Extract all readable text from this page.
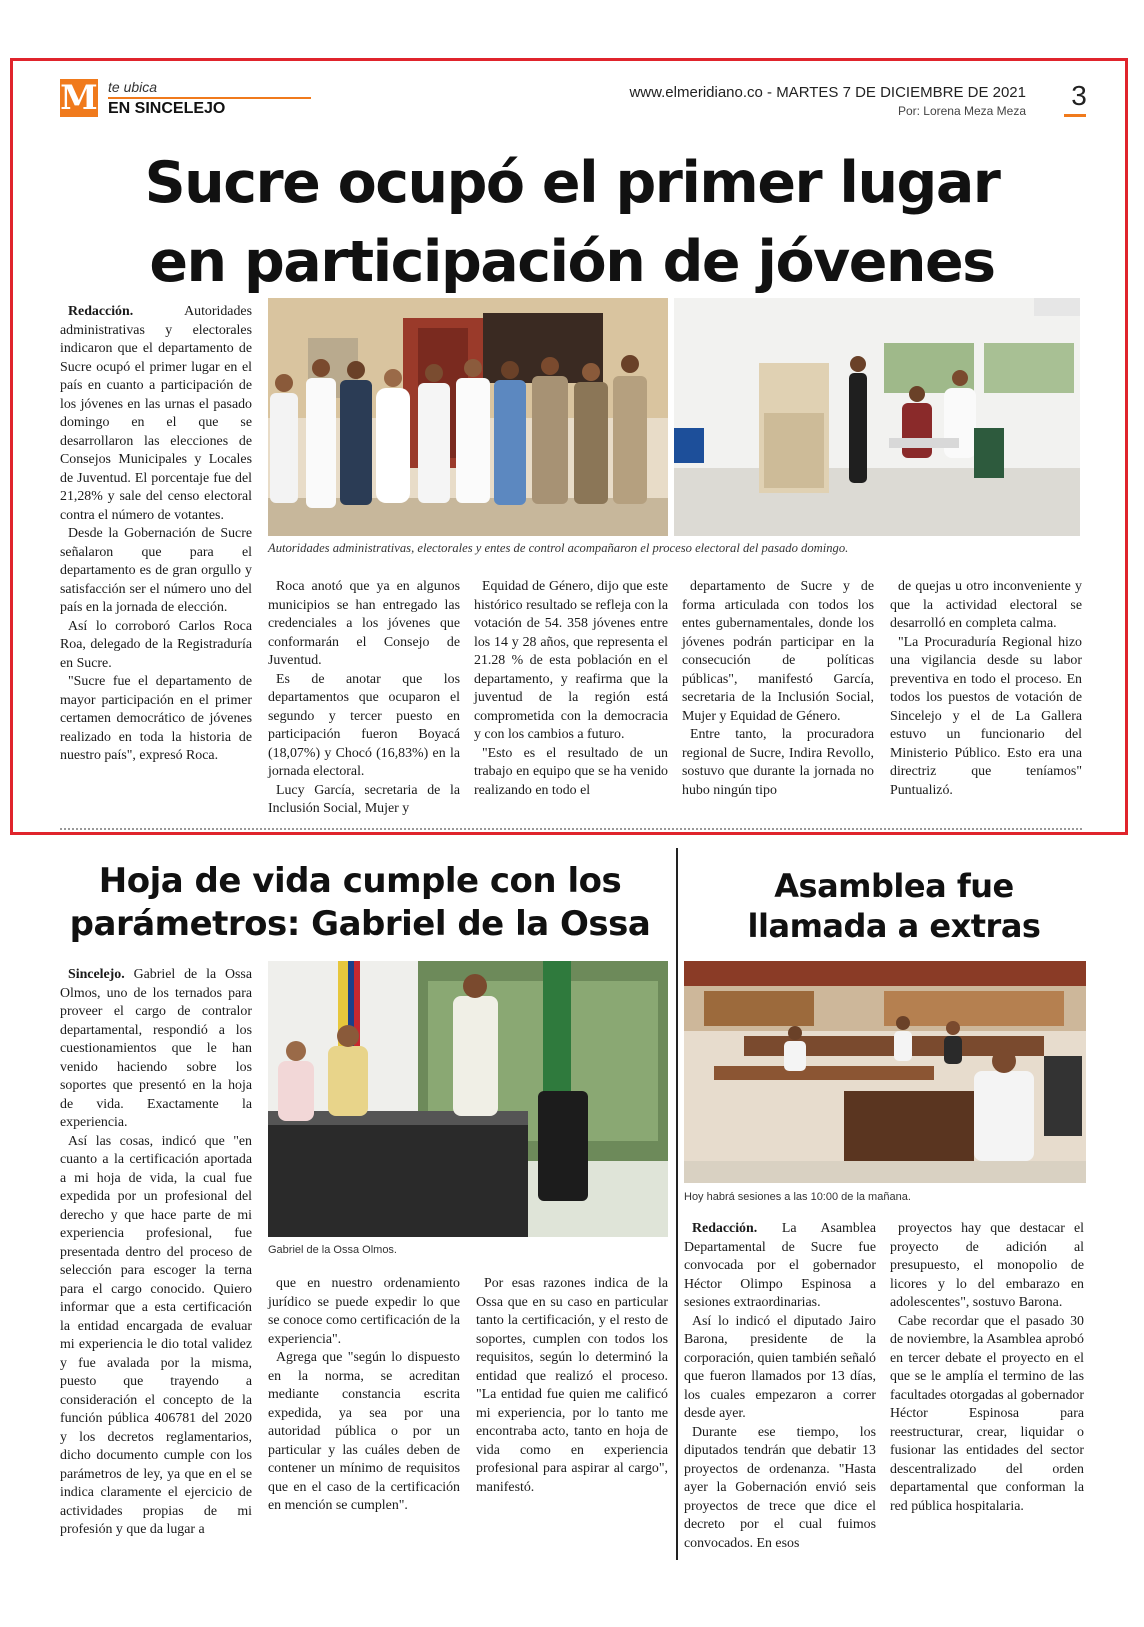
M te ubica
EN SINCELEJO
www.elmeridiano.co - MARTES 7 DE DICIEMBRE DE 2021
Por: Lorena Meza Meza 3
Sucre ocupó el primer lugar
en participación de jóvenes

Redacción.	Autoridades administrativas y electorales indicaron que el departamento de Sucre ocupó el primer lugar en el país en cuanto a participación de los jóvenes en las urnas el pasado domingo en el que se desarrollaron las elecciones de Consejos Municipales y Locales de Juventud. El porcentaje fue del 21,28% y sale del censo electoral contra el número de votantes.

Desde la Gobernación de Sucre señalaron que para el departamento es de gran orgullo y satisfacción ser el número uno del país en la jornada de elección.

Así lo corroboró Carlos Roca Roa, delegado de la Registraduría en Sucre.

"Sucre fue el departamento de mayor participación en el primer certamen democrático de jóvenes realizado en toda la historia de nuestro país", expresó Roca.

Autoridades administrativas, electorales y entes de control acompañaron el proceso electoral del pasado domingo.

Roca anotó que ya en algunos municipios se han entregado las credenciales a los jóvenes que conformarán el Consejo de Juventud.

Es de anotar que los departamentos que ocuparon el segundo y tercer puesto en participación fueron Boyacá (18,07%) y Chocó (16,83%) en la jornada electoral.

Lucy García, secretaria de la Inclusión Social, Mujer y

Equidad de Género, dijo que este histórico resultado se refleja con la votación de 54. 358 jóvenes entre los 14 y 28 años, que representa el 21.28 % de esta población en el departamento, y reafirma que la juventud de la región está comprometida con la democracia y con los cambios a futuro.

"Esto es el resultado de un trabajo en equipo que se ha venido realizando en todo el

departamento de Sucre y de forma articulada con todos los entes gubernamentales, donde los jóvenes podrán participar en la consecución de políticas públicas", manifestó García, secretaria de la Inclusión Social, Mujer y Equidad de Género.

Entre tanto, la procuradora regional de Sucre, Indira Revollo, sostuvo que durante la jornada no hubo ningún tipo

de quejas u otro inconveniente y que la actividad electoral se desarrolló en completa calma.

"La Procuraduría Regional hizo una vigilancia desde su labor preventiva en todo el proceso. En todos los puestos de votación de Sincelejo y el de La Gallera estuvo un funcionario del Ministerio Público. Esto era una directriz que teníamos" Puntualizó.

Hoja de vida cumple con los
parámetros: Gabriel de la Ossa

Sincelejo. Gabriel de la Ossa Olmos, uno de los ternados para proveer el cargo de contralor departamental, respondió a los cuestionamientos que le han venido haciendo sobre los soportes que presentó en la hoja de vida. Exactamente la experiencia.

Así las cosas, indicó que "en cuanto a la certificación aportada a mi hoja de vida, la cual fue expedida por un profesional del derecho y que hace parte de mi experiencia profesional, fue presentada dentro del proceso de selección para escoger la terna para el cargo conocido. Quiero informar que a esta certificación la entidad encargada de evaluar mi experiencia le dio total validez y fue avalada por la misma, puesto que trayendo a consideración el concepto de la función pública 406781 del 2020 y los decretos reglamentarios, dicho documento cumple con los parámetros de ley, ya que en el se indica claramente el ejercicio de actividades propias de mi profesión y que da lugar a

Gabriel de la Ossa Olmos.

que en nuestro ordenamiento jurídico se puede expedir lo que se conoce como certificación de la experiencia".

Agrega que "según lo dispuesto en la norma, se acreditan mediante constancia escrita expedida, ya sea por una autoridad pública o por un particular y las cuáles deben de contener un mínimo de requisitos que en el caso de la certificación en mención se cumplen".

Por esas razones indica de la Ossa que en su caso en particular tanto la certificación, y el resto de soportes, cumplen con todos los requisitos, según lo determinó la entidad que realizó el proceso. "La entidad fue quien me calificó mi experiencia, por lo tanto me encontraba acto, tanto en hoja de vida como en experiencia profesional para aspirar al cargo", manifestó.

Asamblea fue
llamada a extras
Hoy habrá sesiones a las 10:00 de la mañana.

Redacción. La Asamblea Departamental de Sucre fue convocada por el gobernador Héctor Olimpo Espinosa a sesiones extraordinarias.

Así lo indicó el diputado Jairo Barona, presidente de la corporación, quien también señaló que fueron llamados por 13 días, los cuales empezaron a correr desde ayer.

Durante ese tiempo, los diputados tendrán que debatir 13 proyectos de ordenanza. "Hasta ayer la Gobernación envió seis proyectos de trece que dice el decreto por el cual fuimos convocados. En esos

proyectos hay que destacar el proyecto de adición al presupuesto, el monopolio de licores y lo del embarazo en adolescentes", sostuvo Barona.

Cabe recordar que el pasado 30 de noviembre, la Asamblea aprobó en tercer debate el proyecto en el que se le amplía el termino de las facultades otorgadas al gobernador Héctor Espinosa para reestructurar, crear, liquidar o fusionar las entidades del sector descentralizado del orden departamental que conforman la red pública hospitalaria.
